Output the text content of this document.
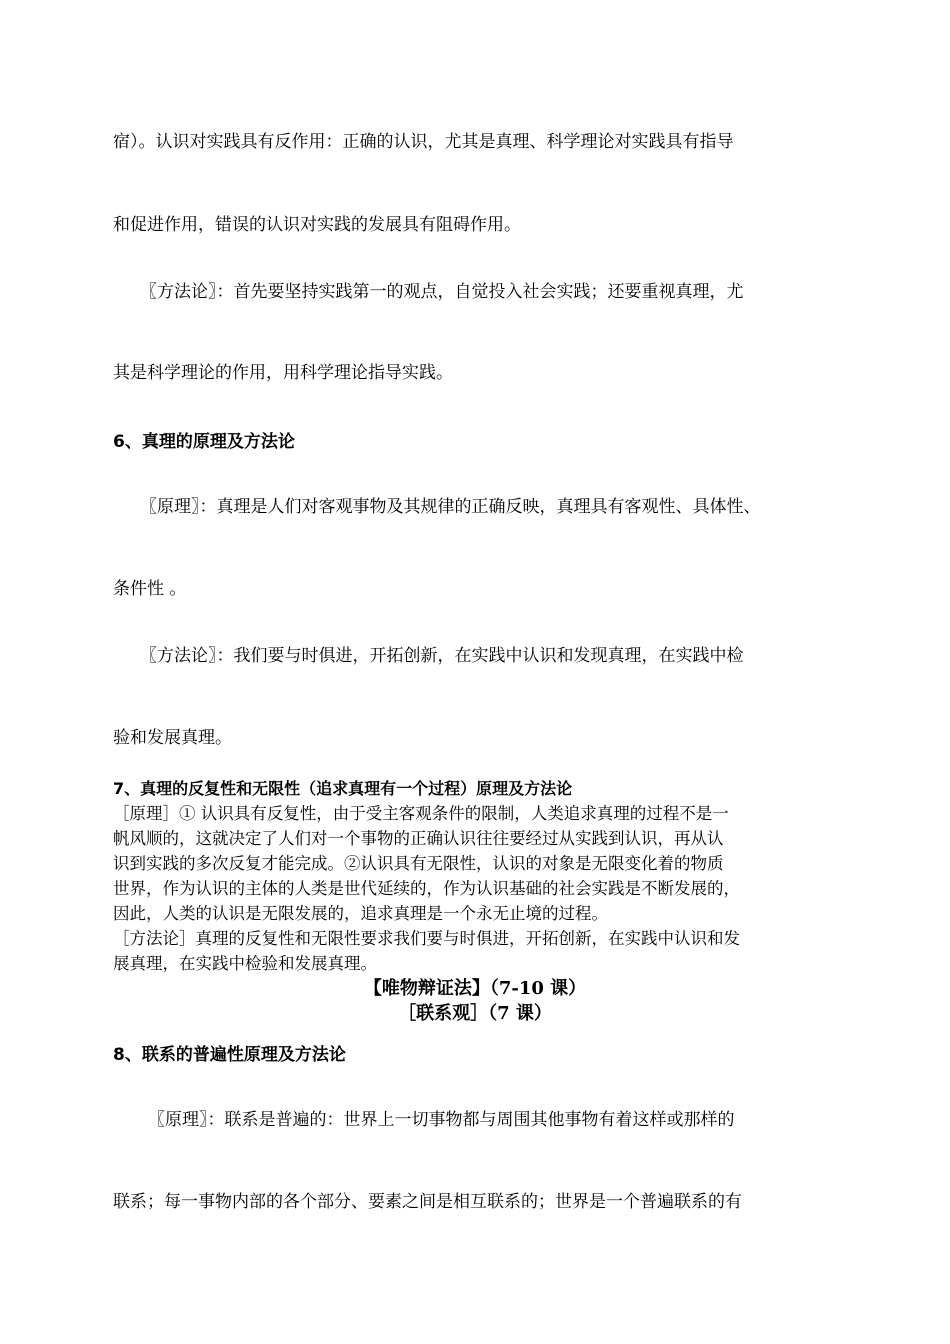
宿）。认识对实践具有反作用：正确的认识，尤其是真理、科学理论对实践具有指导
和促进作用，错误的认识对实践的发展具有阻碍作用。
〖方法论〗：首先要坚持实践第一的观点，自觉投入社会实践；还要重视真理，尤
其是科学理论的作用，用科学理论指导实践。
6、真理的原理及方法论
〖原理〗：真理是人们对客观事物及其规律的正确反映，真理具有客观性、具体性、
条件性 。
〖方法论〗：我们要与时俱进，开拓创新，在实践中认识和发现真理，在实践中检
验和发展真理。
7、真理的反复性和无限性（追求真理有一个过程）原理及方法论
［原理］① 认识具有反复性，由于受主客观条件的限制，人类追求真理的过程不是一
帆风顺的，这就决定了人们对一个事物的正确认识往往要经过从实践到认识，再从认
识到实践的多次反复才能完成。②认识具有无限性，认识的对象是无限变化着的物质
世界，作为认识的主体的人类是世代延续的，作为认识基础的社会实践是不断发展的，
因此，人类的认识是无限发展的，追求真理是一个永无止境的过程。
［方法论］真理的反复性和无限性要求我们要与时俱进，开拓创新，在实践中认识和发
展真理，在实践中检验和发展真理。
【唯物辩证法】（7-10 课）
［联系观］（7 课）
8、联系的普遍性原理及方法论
〖原理〗：联系是普遍的：世界上一切事物都与周围其他事物有着这样或那样的
联系；每一事物内部的各个部分、要素之间是相互联系的；世界是一个普遍联系的有
